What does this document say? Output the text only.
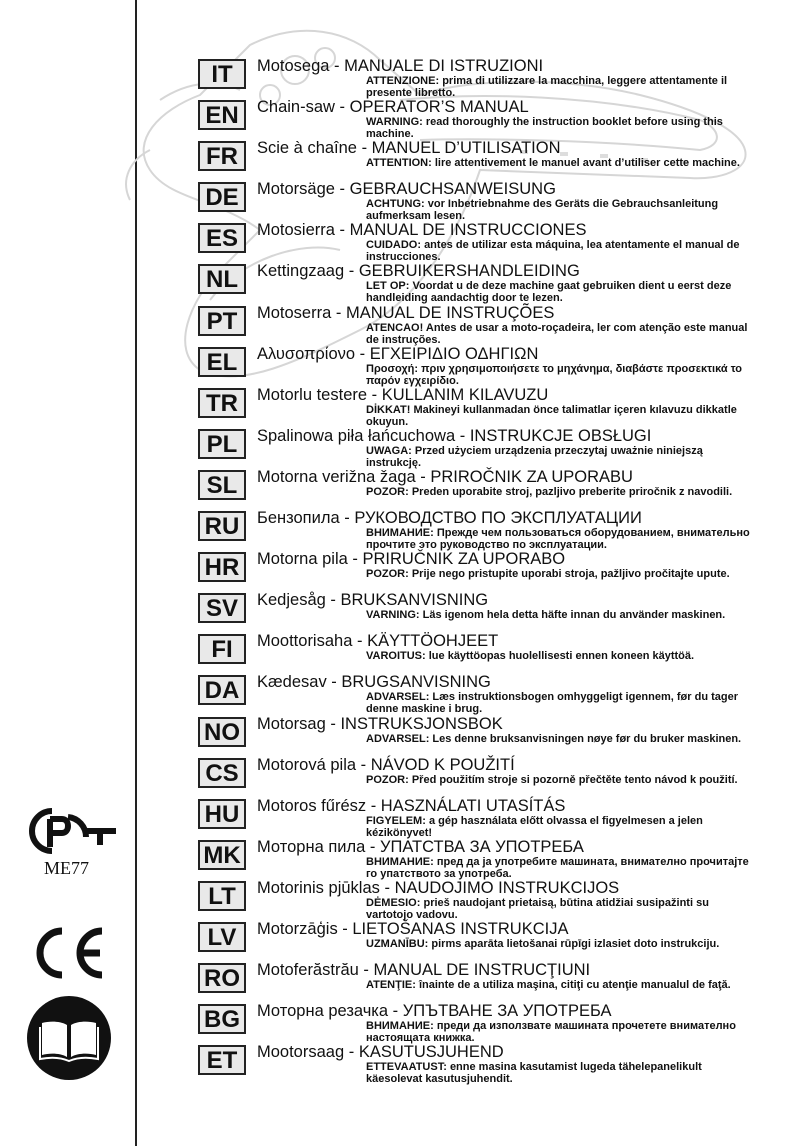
IT	Motosega - MANUALE DI ISTRUZIONI
ATTENZIONE: prima di utilizzare la macchina, leggere attentamente il presente libretto.
EN	Chain-saw - OPERATOR’S MANUAL
WARNING: read thoroughly the instruction booklet before using this machine.
FR	Scie à chaîne - MANUEL D’UTILISATION
ATTENTION: lire attentivement le manuel avant d’utiliser cette machine.
DE	Motorsäge - GEBRAUCHSANWEISUNG
ACHTUNG: vor Inbetriebnahme des Geräts die Gebrauchsanleitung aufmerksam lesen.
ES	Motosierra - MANUAL DE INSTRUCCIONES
CUIDADO: antes de utilizar esta máquina, lea atentamente el manual de instrucciones.
NL	Kettingzaag - GEBRUIKERSHANDLEIDING
LET OP: Voordat u de deze machine gaat gebruiken dient u eerst deze handleiding aandachtig door te lezen.
PT	Motoserra - MANUAL DE INSTRUÇÕES
ATENCAO! Antes de usar a moto-roçadeira, ler com atenção este manual de instruções.
EL	Αλυσοπρίονο - ΕΓΧΕΙΡΙΔΙΟ ΟΔΗΓΙΩΝ
Προσοχή: πριν χρησιμοποιήσετε το μηχάνημα, διαβάστε προσεκτικά το παρόν εγχειρίδιο.
TR	Motorlu testere - KULLANIM KILAVUZU
DİKKAT! Makineyi kullanmadan önce talimatlar içeren kılavuzu dikkatle okuyun.
PL	Spalinowa piła łańcuchowa - INSTRUKCJE OBSŁUGI
UWAGA: Przed użyciem urządzenia przeczytaj uważnie niniejszą instrukcję.
SL	Motorna verižna žaga - PRIROČNIK ZA UPORABU
POZOR: Preden uporabite stroj, pazljivo preberite priročnik z navodili.
RU	Бензопила - РУКОВОДСТВО ПО ЭКСПЛУАТАЦИИ
ВНИМАНИЕ: Прежде чем пользоваться оборудованием, внимательно прочтите это руководство по эксплуатации.
HR	Motorna pila - PRIRUČNIK ZA UPORABO
POZOR: Prije nego pristupite uporabi stroja, pažljivo pročitajte upute.
SV	Kedjesåg - BRUKSANVISNING
VARNING: Läs igenom hela detta häfte innan du använder maskinen.
FI	Moottorisaha - KÄYTTÖOHJEET
VAROITUS: lue käyttöopas huolellisesti ennen koneen käyttöä.
DA	Kædesav - BRUGSANVISNING
ADVARSEL: Læs instruktionsbogen omhyggeligt igennem, før du tager denne maskine i brug.
NO	Motorsag - INSTRUKSJONSBOK
ADVARSEL: Les denne bruksanvisningen nøye før du bruker maskinen.
CS	Motorová pila - NÁVOD K POUŽITÍ
POZOR: Před použitím stroje si pozorně přečtěte tento návod k použití.
HU	Motoros fűrész - HASZNÁLATI UTASÍTÁS
FIGYELEM: a gép használata előtt olvassa el figyelmesen a jelen kézikönyvet!
MK Моторна пила - УПАТСТВА ЗА УПОТРЕБА
ВНИМАНИЕ: пред да ја употребите машината, внимателно прочитајте го упатството за употреба.
LT	Motorinis pjūklas - NAUDOJIMO INSTRUKCIJOS
DĖMESIO: prieš naudojant prietaisą, būtina atidžiai susipažinti su vartotojo vadovu.
LV	Motorzāģis - LIETOŠANAS INSTRUKCIJA
UZMANĪBU: pirms aparāta lietošanai rūpīgi izlasiet doto instrukciju.
RO	Motoferăstrău - MANUAL DE INSTRUCŢIUNI
ATENŢIE: înainte de a utiliza maşina, citiţi cu atenţie manualul de faţă.
BG	Моторна резачка - УПЪТВАНЕ ЗА УПОТРЕБА
ВНИМАНИЕ: преди да използвате машината прочетете внимателно настоящата книжка.
ET	Mootorsaag - KASUTUSJUHEND
ETTEVAATUST: enne masina kasutamist lugeda tähelepanelikult käesolevat kasutusjuhendit.
ME77
